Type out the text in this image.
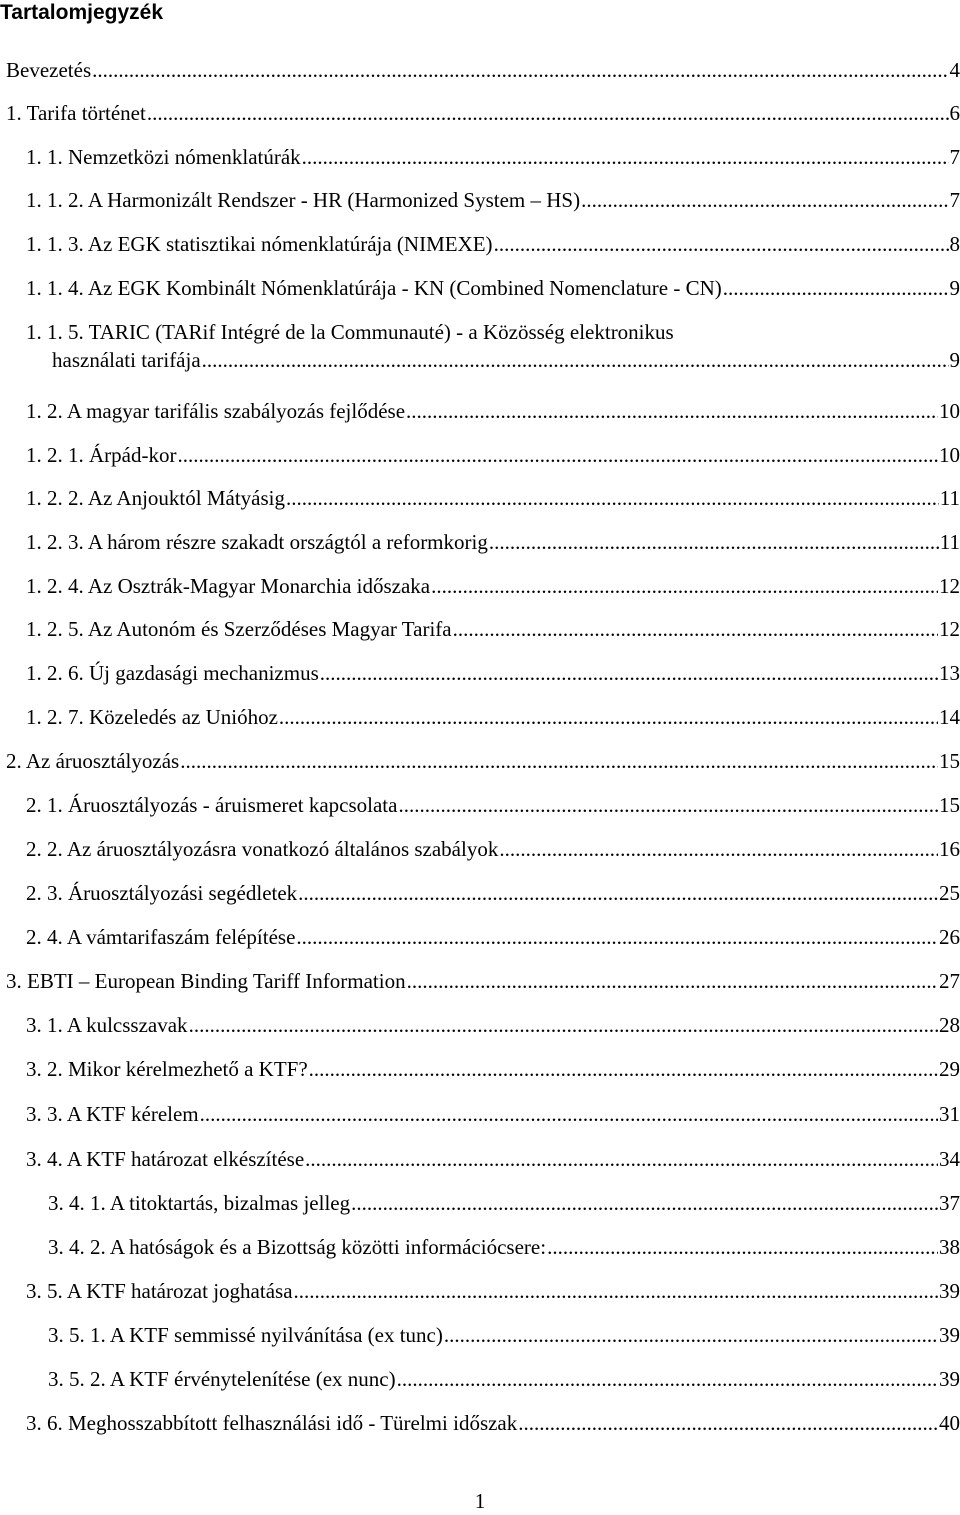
Tartalomjegyzék
Bevezetés .....	4
1. Tarifa történet .....	6
1. 1. Nemzetközi nómenklatúrák .....	7
1. 1. 2. A Harmonizált Rendszer - HR (Harmonized System – HS) .....	7
1. 1. 3. Az EGK statisztikai nómenklatúrája (NIMEXE) .....	8
1. 1. 4. Az EGK Kombinált Nómenklatúrája - KN (Combined Nomenclature - CN) .....	9
1. 1. 5. TARIC (TARif Intégré de la Communauté) - a Közösség elektronikus
használati tarifája .....	9
1. 2. A magyar tarifális szabályozás fejlődése .....	10
1. 2. 1. Árpád-kor .....	10
1. 2. 2. Az Anjouktól Mátyásig .....	11
1. 2. 3. A három részre szakadt országtól a reformkorig .....	11
1. 2. 4. Az Osztrák-Magyar Monarchia időszaka .....	12
1. 2. 5. Az Autonóm és Szerződéses Magyar Tarifa .....	12
1. 2. 6. Új gazdasági mechanizmus .....	13
1. 2. 7. Közeledés az Unióhoz .....	14
2. Az áruosztályozás .....	15
2. 1. Áruosztályozás - áruismeret kapcsolata .....	15
2. 2. Az áruosztályozásra vonatkozó általános szabályok .....	16
2. 3. Áruosztályozási segédletek .....	25
2. 4. A vámtarifaszám felépítése .....	26
3. EBTI – European Binding Tariff Information .....	27
3. 1. A kulcsszavak .....	28
3. 2. Mikor kérelmezhető a KTF? .....	29
3. 3. A KTF kérelem .....	31
3. 4. A KTF határozat elkészítése .....	34
3. 4. 1. A titoktartás, bizalmas jelleg .....	37
3. 4. 2. A hatóságok és a Bizottság közötti információcsere: .....	38
3. 5. A KTF határozat joghatása .....	39
3. 5. 1. A KTF semmissé nyilvánítása (ex tunc) .....	39
3. 5. 2. A KTF érvénytelenítése (ex nunc) .....	39
3. 6. Meghosszabbított felhasználási idő - Türelmi időszak .....	40
1
